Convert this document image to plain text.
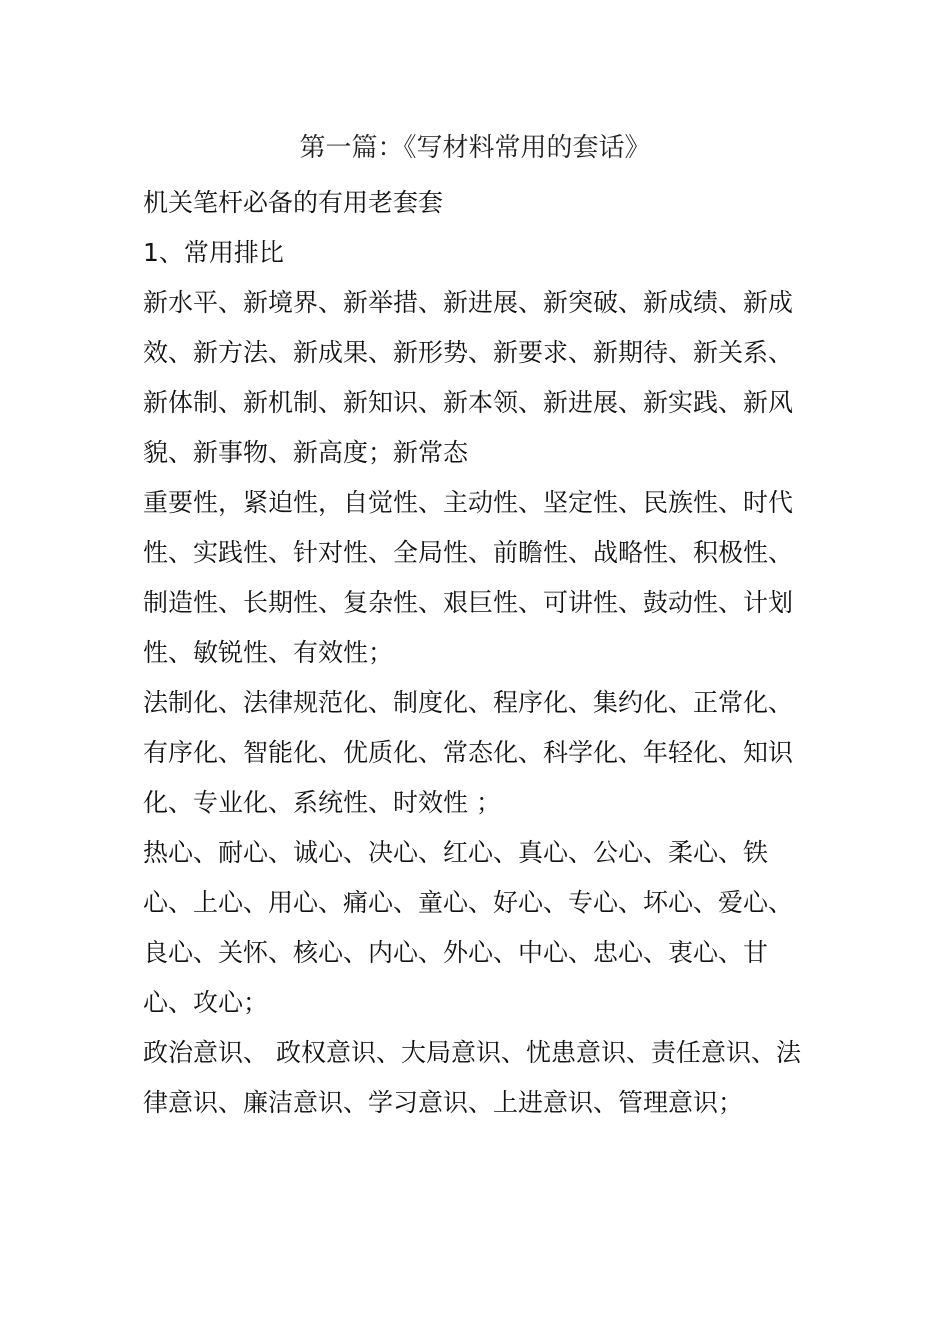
第一篇：《写材料常用的套话》

机关笔杆必备的有用老套套

1、常用排比

新水平、新境界、新举措、新进展、新突破、新成绩、新成效、新方法、新成果、新形势、新要求、新期待、新关系、新体制、新机制、新知识、新本领、新进展、新实践、新风貌、新事物、新高度；新常态

重要性，紧迫性，自觉性、主动性、坚定性、民族性、时代性、实践性、针对性、全局性、前瞻性、战略性、积极性、制造性、长期性、复杂性、艰巨性、可讲性、鼓动性、计划性、敏锐性、有效性；

法制化、法律规范化、制度化、程序化、集约化、正常化、有序化、智能化、优质化、常态化、科学化、年轻化、知识化、专业化、系统性、时效性 ；

热心、耐心、诚心、决心、红心、真心、公心、柔心、铁心、上心、用心、痛心、童心、好心、专心、坏心、爱心、良心、关怀、核心、内心、外心、中心、忠心、衷心、甘心、攻心；

政治意识、 政权意识、大局意识、忧患意识、责任意识、法律意识、廉洁意识、学习意识、上进意识、管理意识；
